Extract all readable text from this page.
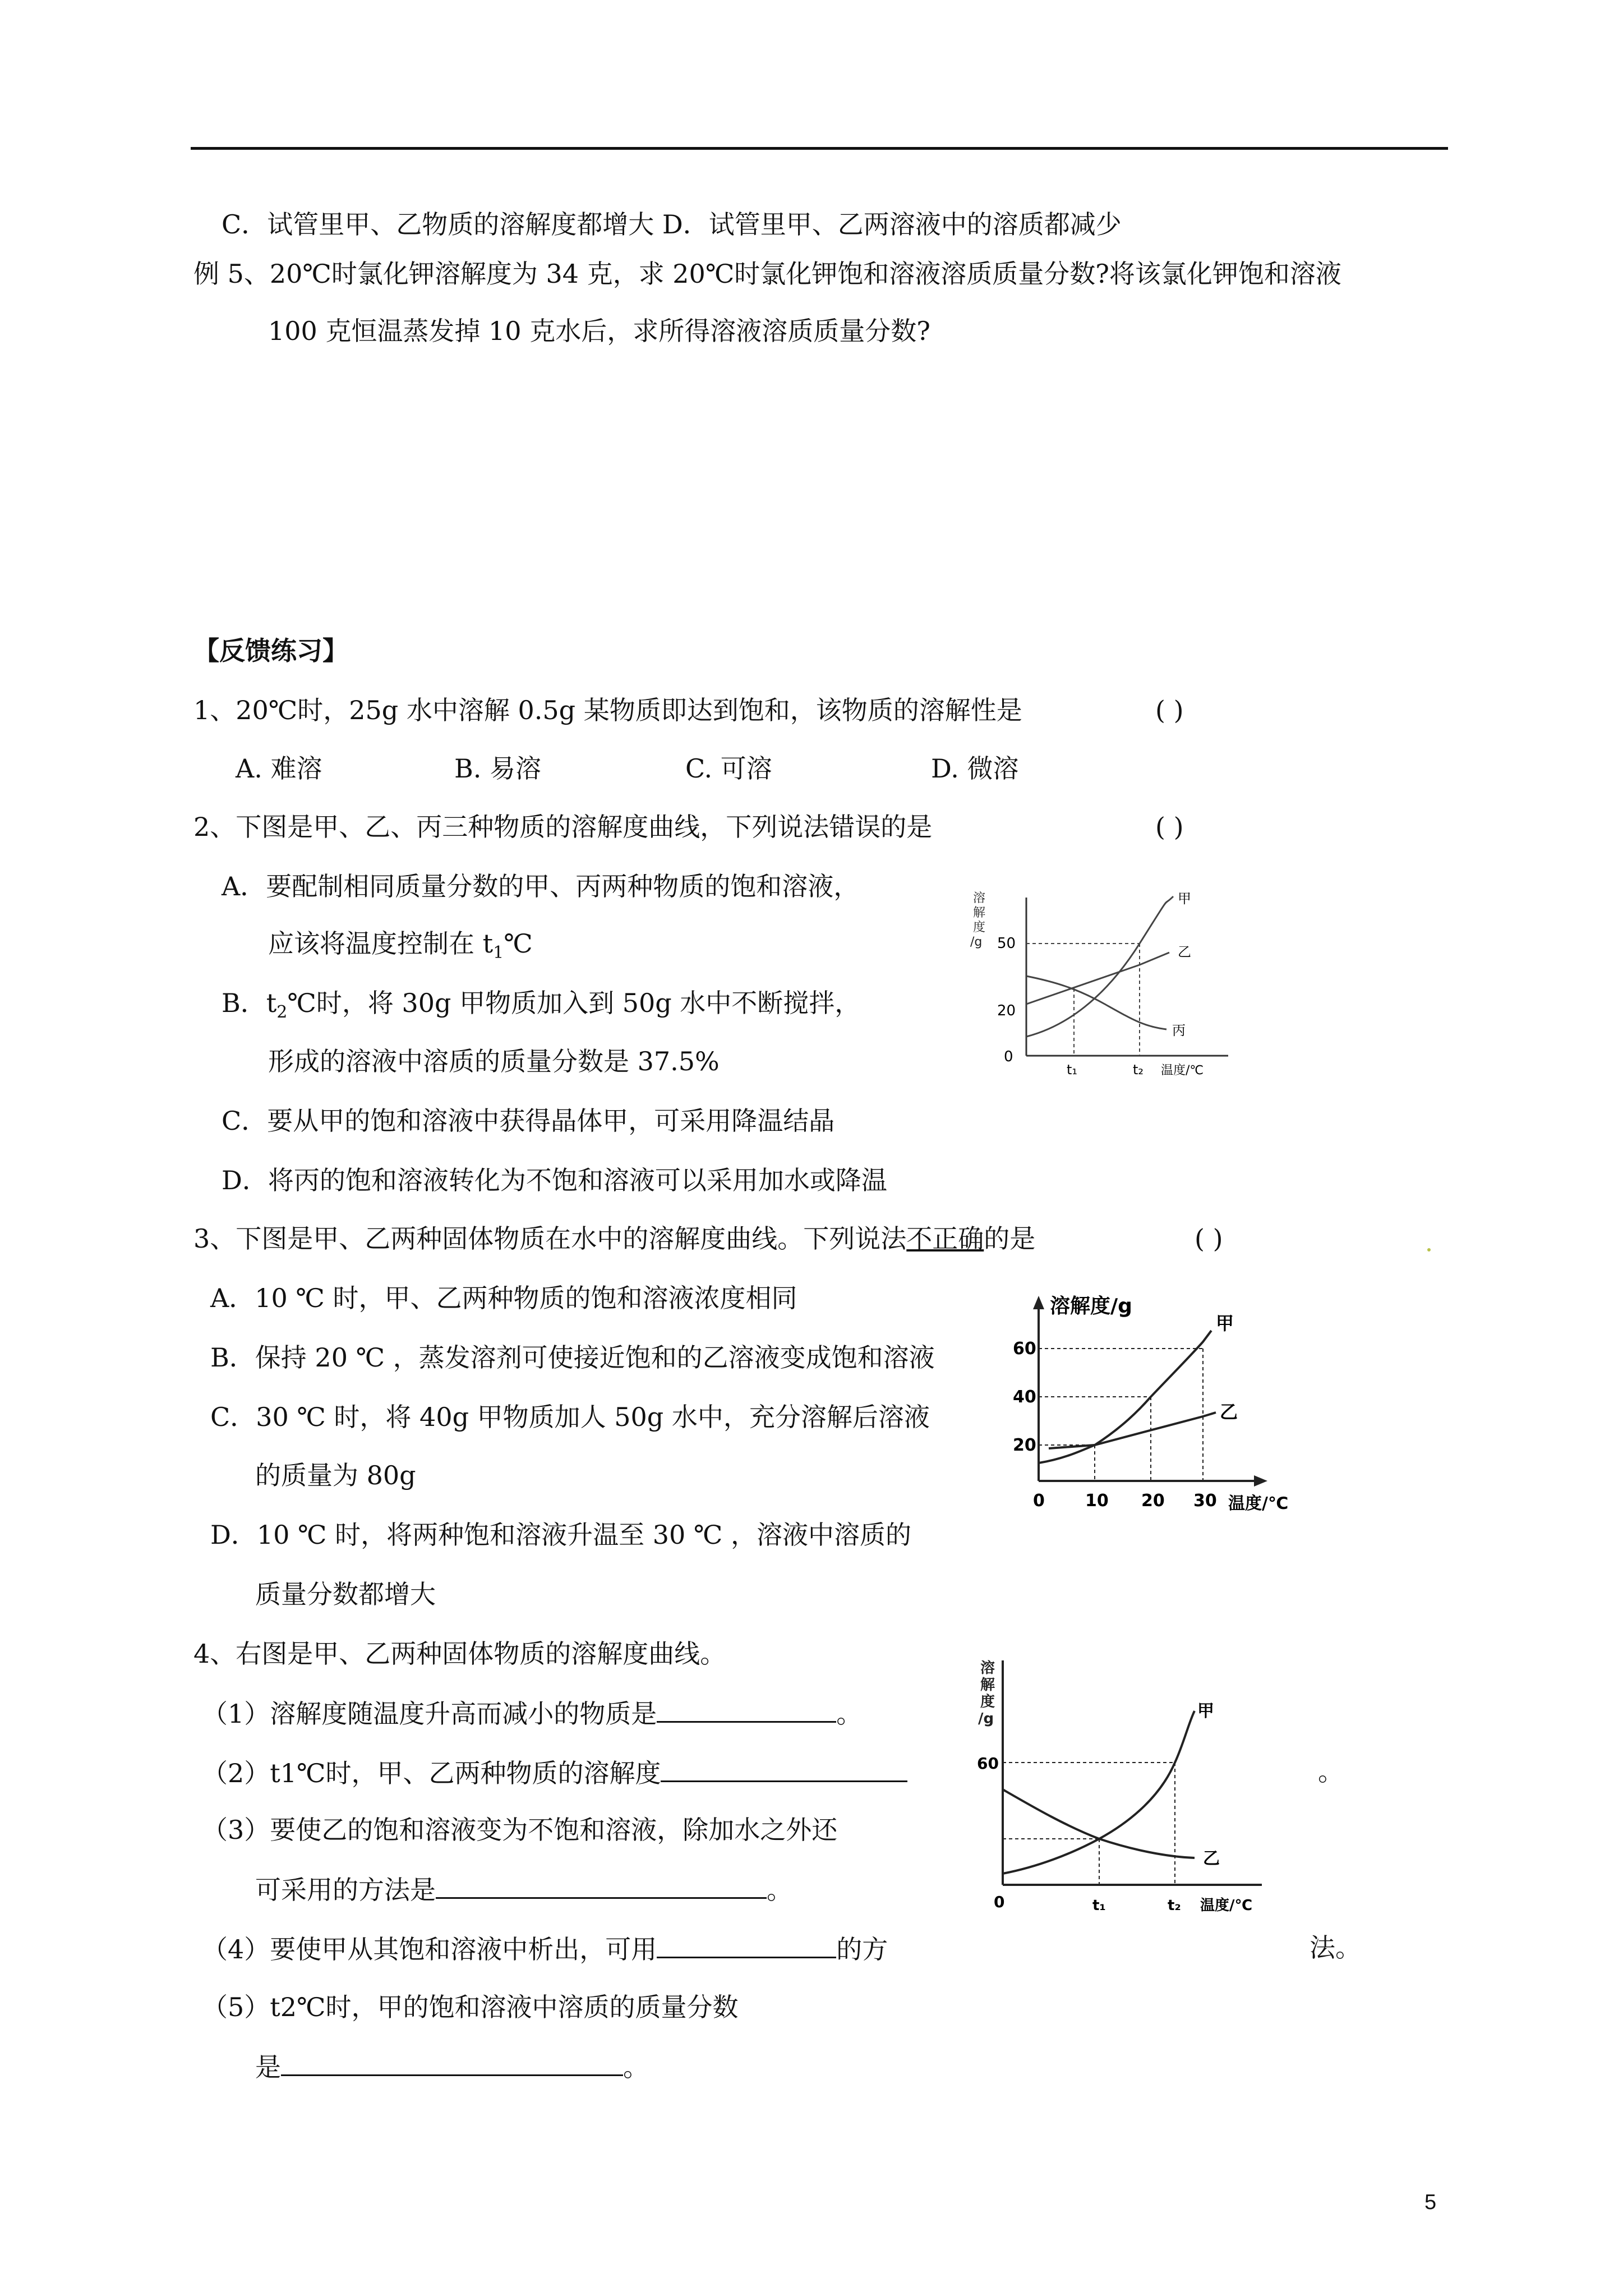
C．试管里甲、乙物质的溶解度都增大 D．试管里甲、乙两溶液中的溶质都减少
例 5、20℃时氯化钾溶解度为 34 克，求 20℃时氯化钾饱和溶液溶质质量分数?将该氯化钾饱和溶液
100 克恒温蒸发掉 10 克水后，求所得溶液溶质质量分数?
【反馈练习】
1、20℃时，25g 水中溶解 0.5g 某物质即达到饱和，该物质的溶解性是	( )
A. 难溶	B. 易溶	C. 可溶	D. 微溶
2、下图是甲、乙、丙三种物质的溶解度曲线，下列说法错误的是	( )
A．要配制相同质量分数的甲、丙两种物质的饱和溶液，
应该将温度控制在 $t_1℃$
B．$t_2℃$时，将 30g 甲物质加入到 50g 水中不断搅拌，
形成的溶液中溶质的质量分数是 37.5%
C．要从甲的饱和溶液中获得晶体甲，可采用降温结晶
D．将丙的饱和溶液转化为不饱和溶液可以采用加水或降温
溶
解
度
/g 50
20
0
甲
乙
丙
t₁	t₂ 温度/℃
3、下图是甲、乙两种固体物质在水中的溶解度曲线。下列说法不正确的是	( )
A．10 ℃ 时，甲、乙两种物质的饱和溶液浓度相同
B．保持 20 ℃ ，蒸发溶剂可使接近饱和的乙溶液变成饱和溶液
C．30 ℃ 时，将 40g 甲物质加人 50g 水中，充分溶解后溶液
的质量为 80g
D．10 ℃ 时，将两种饱和溶液升温至 30 ℃ ，溶液中溶质的
质量分数都增大
溶解度/g
60
40
20
甲
乙
0 10 20 30 温度/℃
4、右图是甲、乙两种固体物质的溶解度曲线。
（1）溶解度随温度升高而减小的物质是	。
（2）t1℃时，甲、乙两种物质的溶解度	。
（3）要使乙的饱和溶液变为不饱和溶液，除加水之外还
可采用的方法是	。
（4）要使甲从其饱和溶液中析出，可用	的方	法。
（5）t2℃时，甲的饱和溶液中溶质的质量分数
是	。
溶
解
度
/g
60
0
甲
乙
t₁	t₂ 温度/℃
5
